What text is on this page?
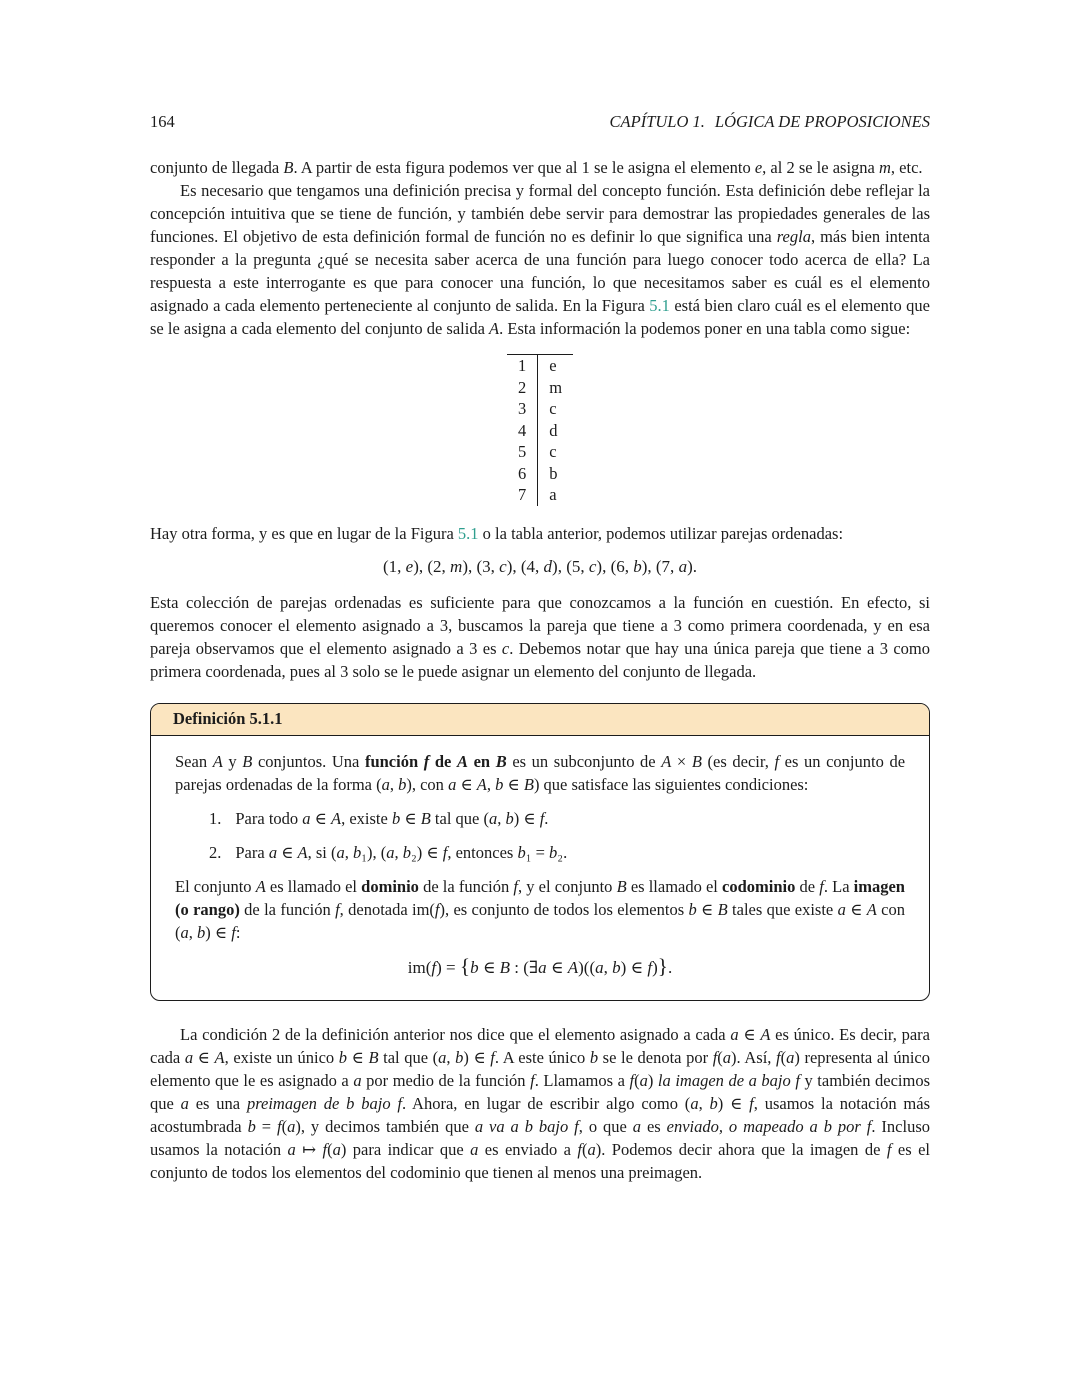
164	CAPÍTULO 1. LÓGICA DE PROPOSICIONES

conjunto de llegada B. A partir de esta figura podemos ver que al 1 se le asigna el elemento e, al 2 se le asigna m, etc.

Es necesario que tengamos una definición precisa y formal del concepto función. Esta definición debe reflejar la concepción intuitiva que se tiene de función, y también debe servir para demostrar las propiedades generales de las funciones. El objetivo de esta definición formal de función no es definir lo que significa una regla, más bien intenta responder a la pregunta ¿qué se necesita saber acerca de una función para luego conocer todo acerca de ella? La respuesta a este interrogante es que para conocer una función, lo que necesitamos saber es cuál es el elemento asignado a cada elemento perteneciente al conjunto de salida. En la Figura 5.1 está bien claro cuál es el elemento que se le asigna a cada elemento del conjunto de salida A. Esta información la podemos poner en una tabla como sigue:

1	e
2	m
3	c
4	d
5	c
6	b
7	a

Hay otra forma, y es que en lugar de la Figura 5.1 o la tabla anterior, podemos utilizar parejas ordenadas:

(1, e), (2, m), (3, c), (4, d), (5, c), (6, b), (7, a).

Esta colección de parejas ordenadas es suficiente para que conozcamos a la función en cuestión. En efecto, si queremos conocer el elemento asignado a 3, buscamos la pareja que tiene a 3 como primera coordenada, y en esa pareja observamos que el elemento asignado a 3 es c. Debemos notar que hay una única pareja que tiene a 3 como primera coordenada, pues al 3 solo se le puede asignar un elemento del conjunto de llegada.

Definición 5.1.1

Sean A y B conjuntos. Una función f de A en B es un subconjunto de A × B (es decir, f es un conjunto de parejas ordenadas de la forma (a, b), con a ∈ A, b ∈ B) que satisface las siguientes condiciones:

1. Para todo a ∈ A, existe b ∈ B tal que (a, b) ∈ f.
2. Para a ∈ A, si (a, b₁), (a, b₂) ∈ f, entonces b₁ = b₂.

El conjunto A es llamado el dominio de la función f, y el conjunto B es llamado el codominio de f. La imagen (o rango) de la función f, denotada im(f), es conjunto de todos los elementos b ∈ B tales que existe a ∈ A con (a, b) ∈ f:

im(f) = {b ∈ B : (∃a ∈ A)((a, b) ∈ f)}.

La condición 2 de la definición anterior nos dice que el elemento asignado a cada a ∈ A es único. Es decir, para cada a ∈ A, existe un único b ∈ B tal que (a, b) ∈ f. A este único b se le denota por f(a). Así, f(a) representa al único elemento que le es asignado a a por medio de la función f. Llamamos a f(a) la imagen de a bajo f y también decimos que a es una preimagen de b bajo f. Ahora, en lugar de escribir algo como (a, b) ∈ f, usamos la notación más acostumbrada b = f(a), y decimos también que a va a b bajo f, o que a es enviado, o mapeado a b por f. Incluso usamos la notación a ↦ f(a) para indicar que a es enviado a f(a). Podemos decir ahora que la imagen de f es el conjunto de todos los elementos del codominio que tienen al menos una preimagen.
